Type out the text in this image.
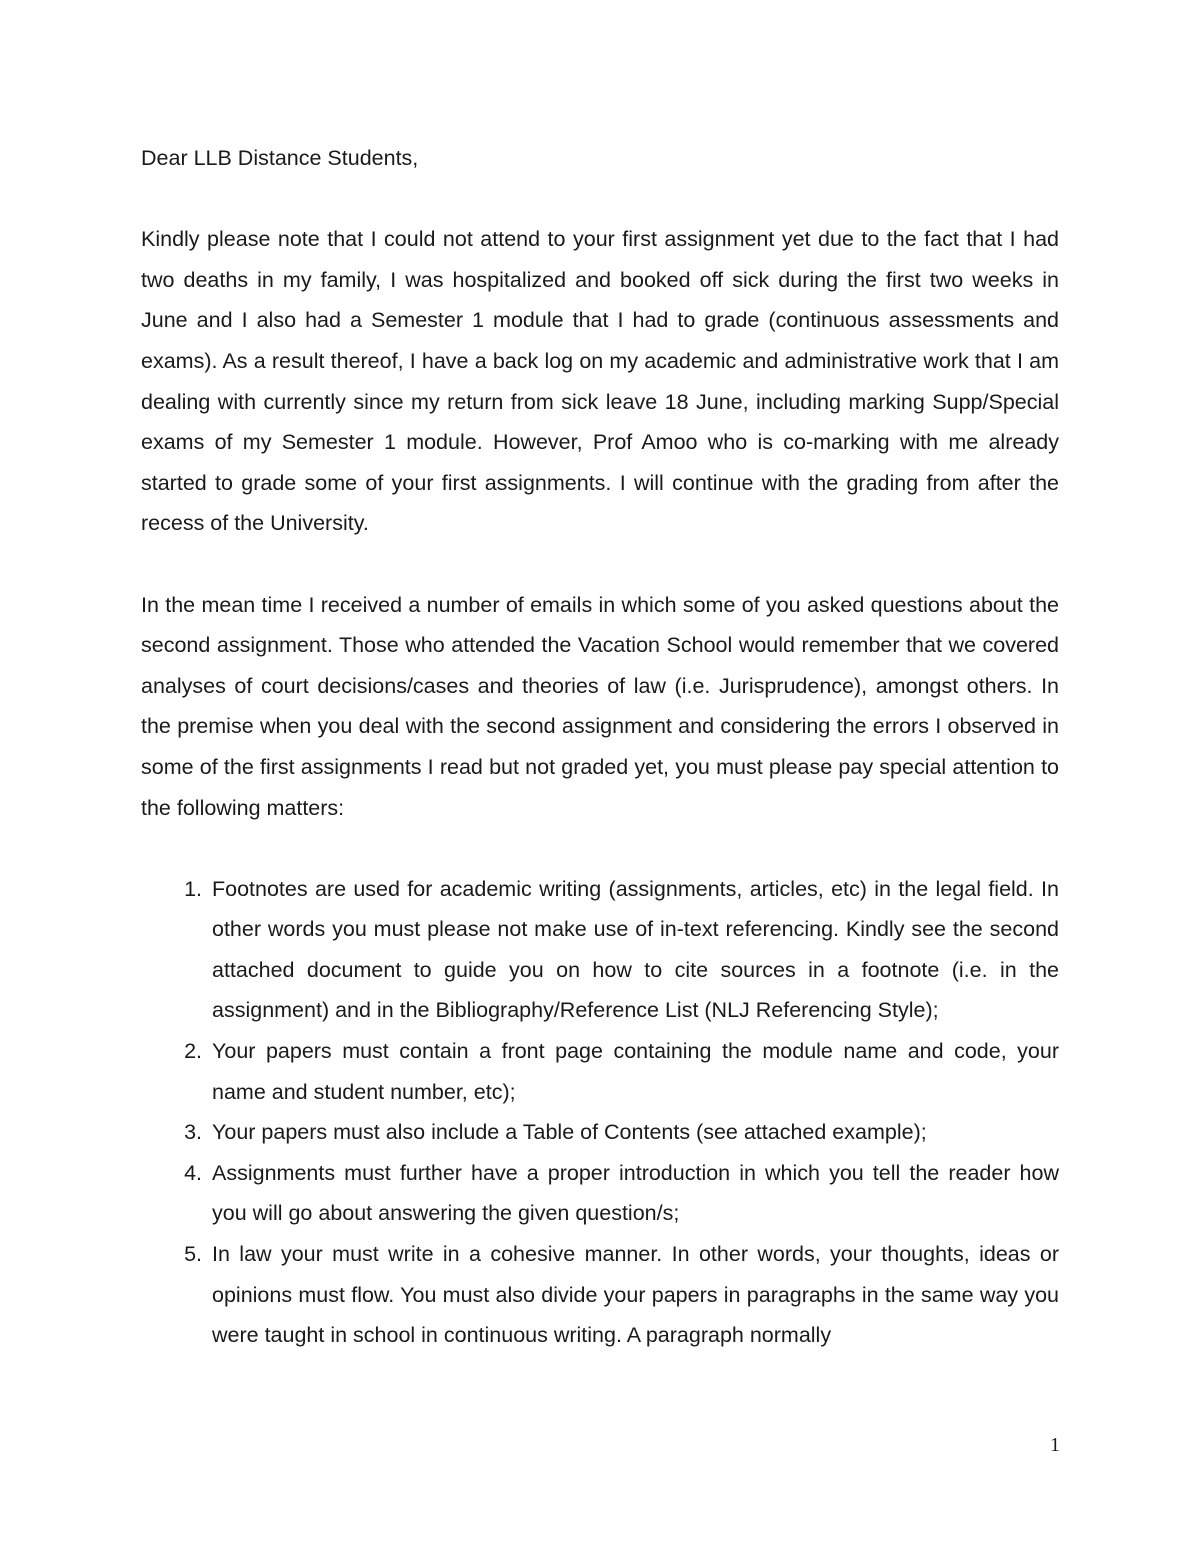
Dear LLB Distance Students,

Kindly please note that I could not attend to your first assignment yet due to the fact that I had two deaths in my family, I was hospitalized and booked off sick during the first two weeks in June and I also had a Semester 1 module that I had to grade (continuous assessments and exams). As a result thereof, I have a back log on my academic and administrative work that I am dealing with currently since my return from sick leave 18 June, including marking Supp/Special exams of my Semester 1 module. However, Prof Amoo who is co-marking with me already started to grade some of your first assignments. I will continue with the grading from after the recess of the University.

In the mean time I received a number of emails in which some of you asked questions about the second assignment. Those who attended the Vacation School would remember that we covered analyses of court decisions/cases and theories of law (i.e. Jurisprudence), amongst others. In the premise when you deal with the second assignment and considering the errors I observed in some of the first assignments I read but not graded yet, you must please pay special attention to the following matters:

1. Footnotes are used for academic writing (assignments, articles, etc) in the legal field. In other words you must please not make use of in-text referencing. Kindly see the second attached document to guide you on how to cite sources in a footnote (i.e. in the assignment) and in the Bibliography/Reference List (NLJ Referencing Style);
2. Your papers must contain a front page containing the module name and code, your name and student number, etc);
3. Your papers must also include a Table of Contents (see attached example);
4. Assignments must further have a proper introduction in which you tell the reader how you will go about answering the given question/s;
5. In law your must write in a cohesive manner. In other words, your thoughts, ideas or opinions must flow. You must also divide your papers in paragraphs in the same way you were taught in school in continuous writing. A paragraph normally
1
